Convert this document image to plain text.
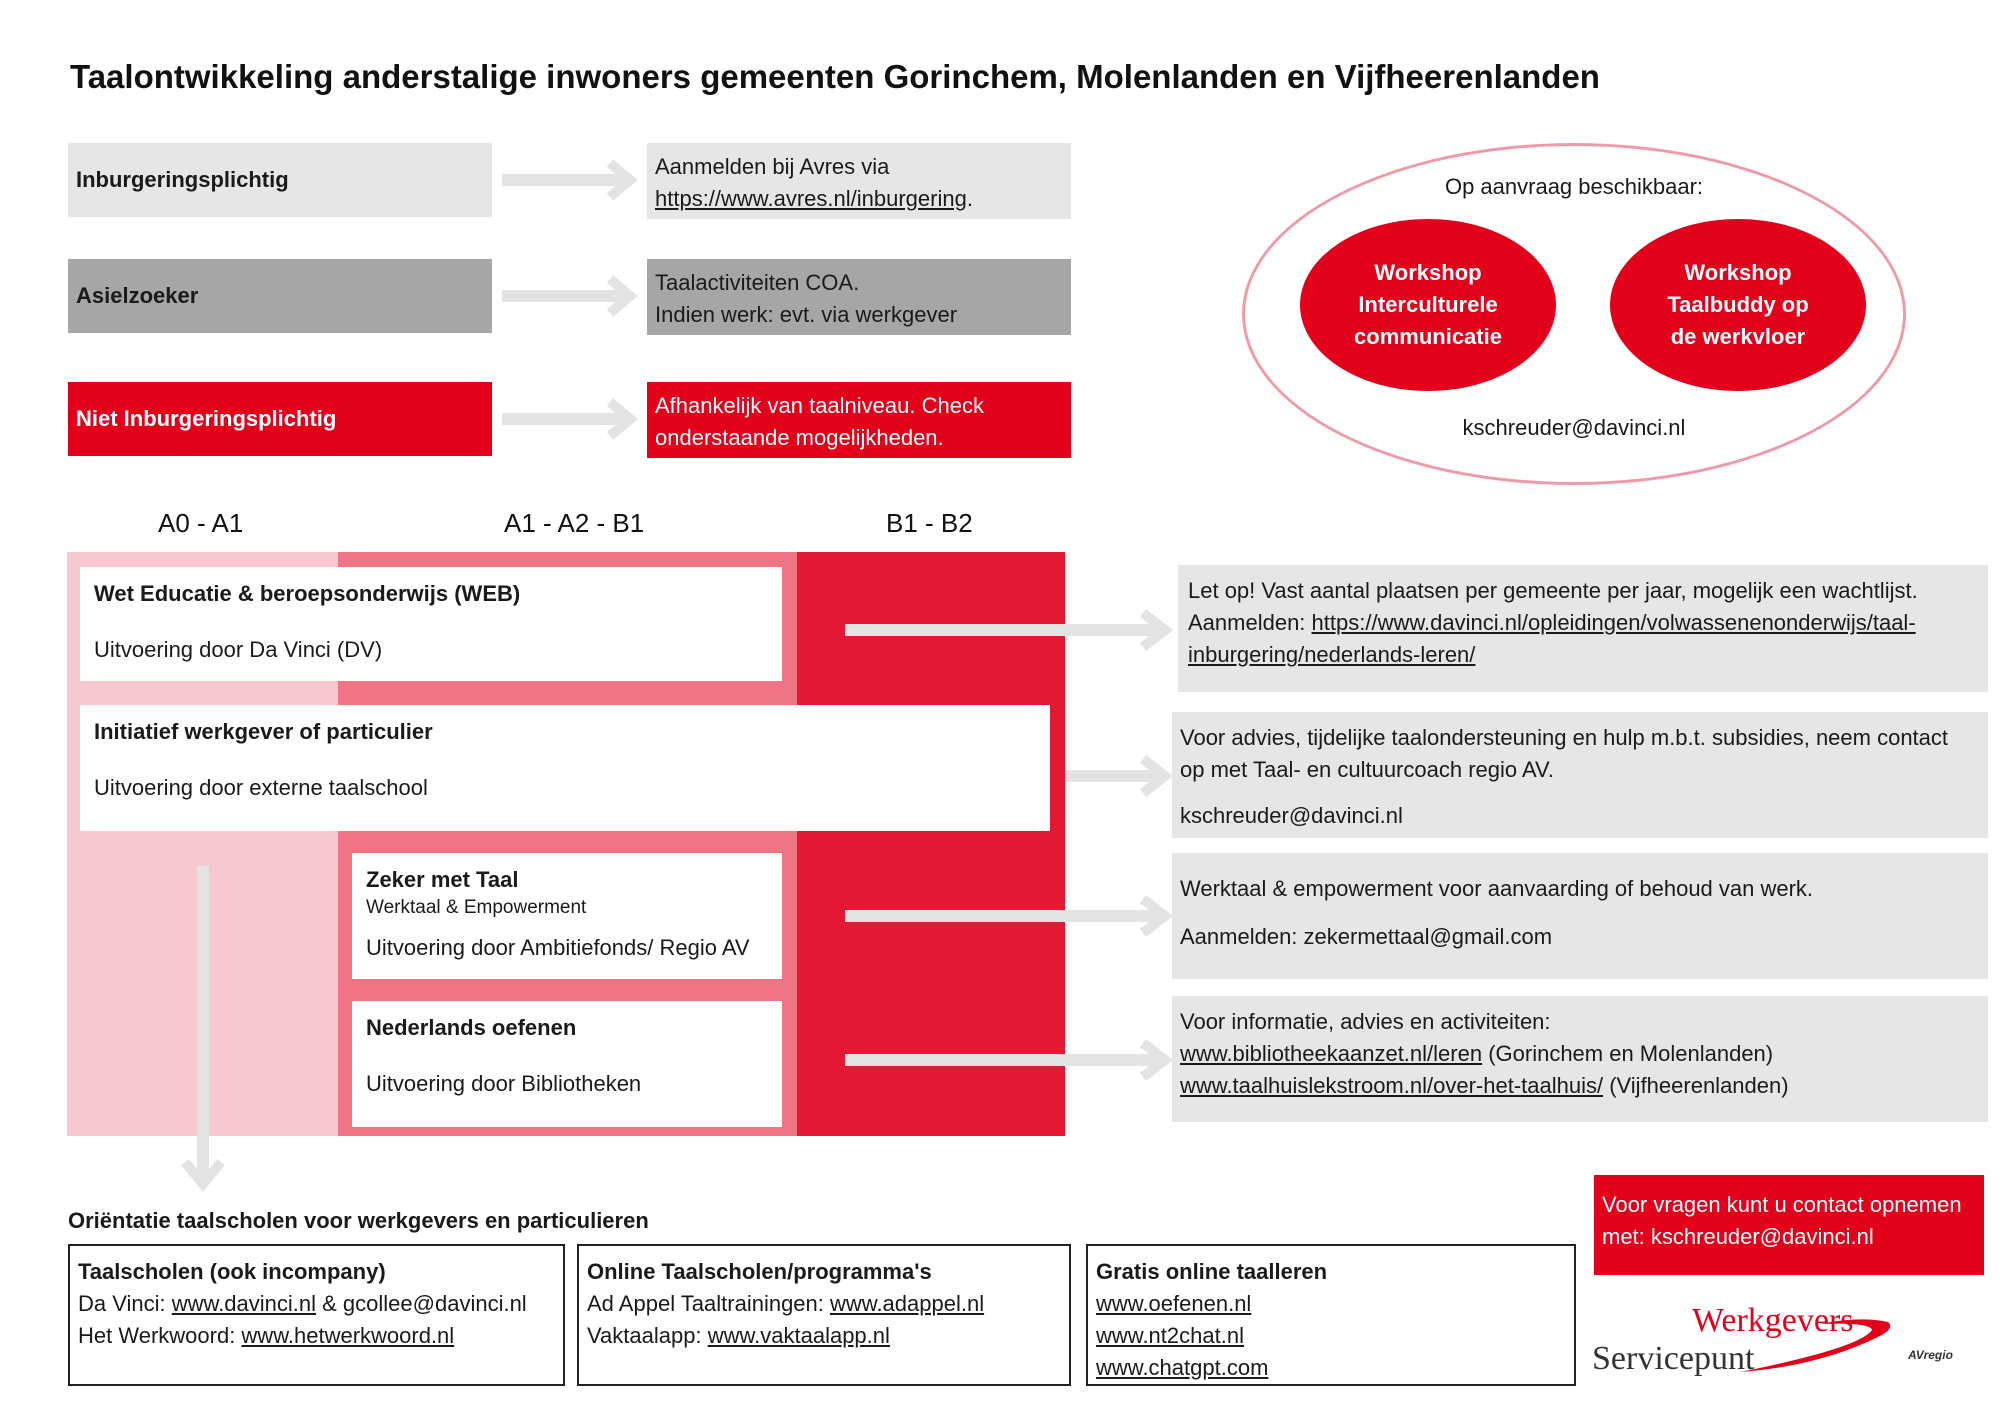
Taalontwikkeling anderstalige inwoners gemeenten Gorinchem, Molenlanden en Vijfheerenlanden
Inburgeringsplichtig
Asielzoeker
Niet Inburgeringsplichtig
Aanmelden bij Avres via
https://www.avres.nl/inburgering.
Taalactiviteiten COA.
Indien werk: evt. via werkgever
Afhankelijk van taalniveau. Check
onderstaande mogelijkheden.
Op aanvraag beschikbaar:
Workshop
Interculturele
communicatie
Workshop
Taalbuddy op
de werkvloer
kschreuder@davinci.nl
A0 - A1	A1 - A2 - B1	B1 - B2
Wet Educatie & beroepsonderwijs (WEB)
Uitvoering door Da Vinci (DV)
Initiatief werkgever of particulier
Uitvoering door externe taalschool
Zeker met Taal
Werktaal & Empowerment
Uitvoering door Ambitiefonds/ Regio AV
Nederlands oefenen
Uitvoering door Bibliotheken
Let op! Vast aantal plaatsen per gemeente per jaar, mogelijk een wachtlijst.
Aanmelden: https://www.davinci.nl/opleidingen/volwassenenonderwijs/taal-
inburgering/nederlands-leren/
Voor advies, tijdelijke taalondersteuning en hulp m.b.t. subsidies, neem contact
op met Taal- en cultuurcoach regio AV.
kschreuder@davinci.nl
Werktaal & empowerment voor aanvaarding of behoud van werk.
Aanmelden: zekermettaal@gmail.com
Voor informatie, advies en activiteiten:
www.bibliotheekaanzet.nl/leren (Gorinchem en Molenlanden)
www.taalhuislekstroom.nl/over-het-taalhuis/ (Vijfheerenlanden)
Oriëntatie taalscholen voor werkgevers en particulieren
Taalscholen (ook incompany)
Da Vinci: www.davinci.nl & gcollee@davinci.nl
Het Werkwoord: www.hetwerkwoord.nl
Online Taalscholen/programma's
Ad Appel Taaltrainingen: www.adappel.nl
Vaktaalapp: www.vaktaalapp.nl
Gratis online taalleren
www.oefenen.nl
www.nt2chat.nl
www.chatgpt.com
Voor vragen kunt u contact opnemen
met: kschreuder@davinci.nl
Werkgevers
Servicepunt	AVregio
